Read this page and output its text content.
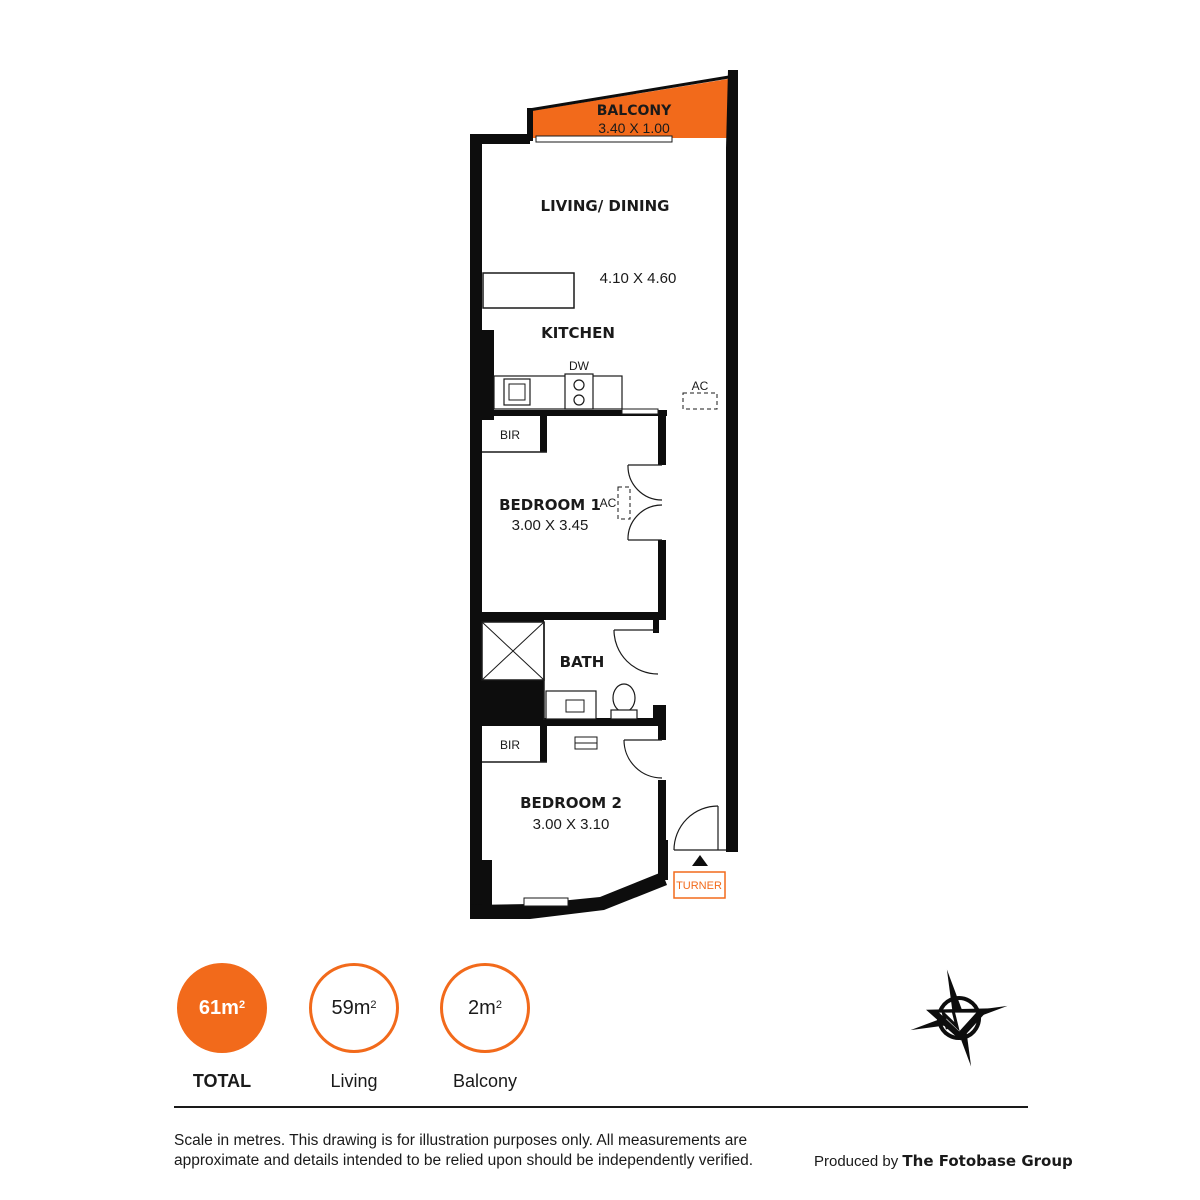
BALCONY
3.40 X 1.00
DW
AC
BIR
AC
BATH
BIR
TURNER
LIVING/ DINING
4.10 X 4.60
KITCHEN
BEDROOM 1
3.00 X 3.45
BEDROOM 2
3.00 X 3.10
$61m^2$
TOTAL
$59m^2$
Living
$2m^2$
Balcony
Scale in metres. This drawing is for illustration purposes only. All measurements are approximate and details intended to be relied upon should be independently verified.	Produced by The Fotobase Group
